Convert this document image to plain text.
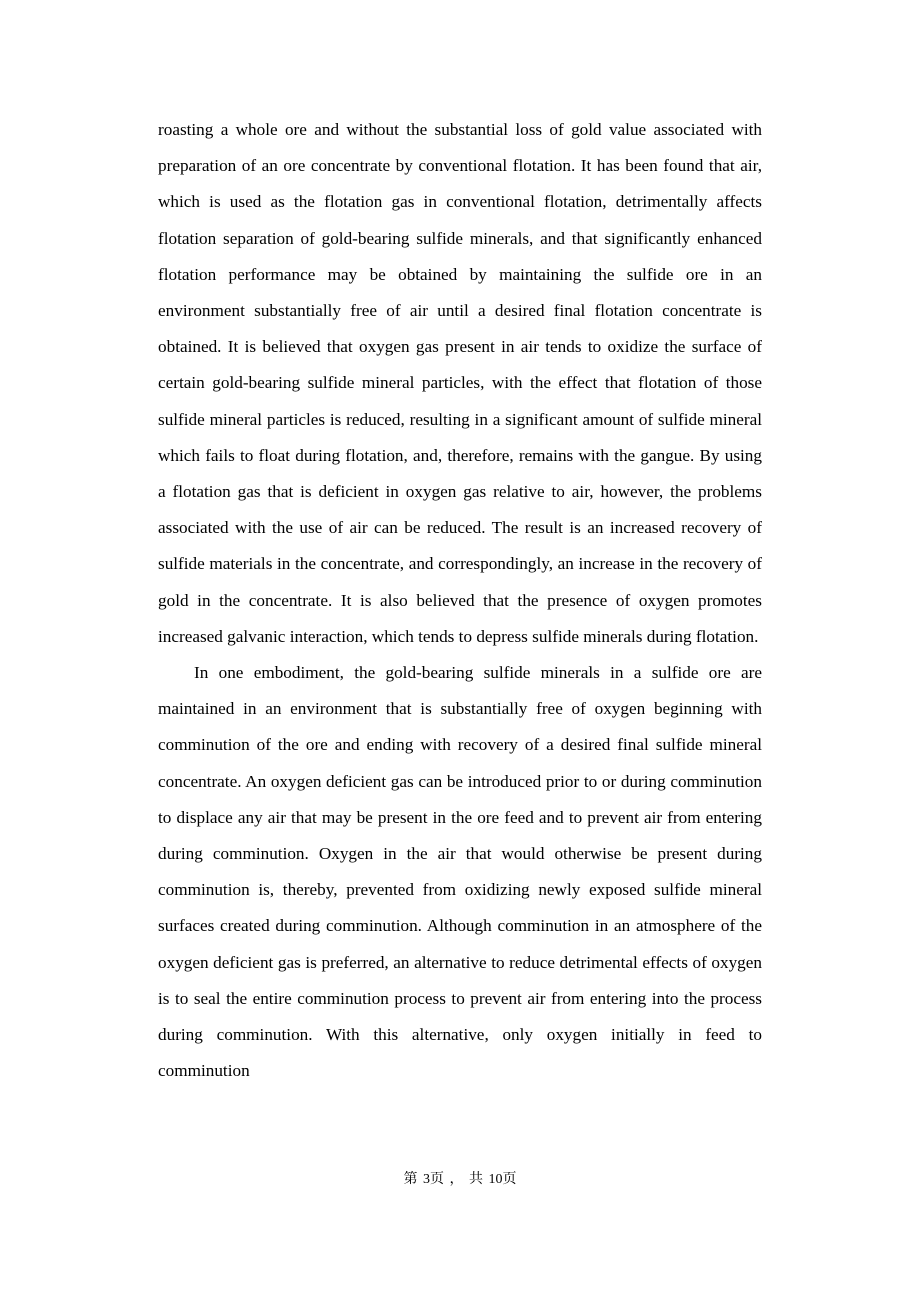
roasting a whole ore and without the substantial loss of gold value associated with preparation of an ore concentrate by conventional flotation. It has been found that air, which is used as the flotation gas in conventional flotation, detrimentally affects flotation separation of gold-bearing sulfide minerals, and that significantly enhanced flotation performance may be obtained by maintaining the sulfide ore in an environment substantially free of air until a desired final flotation concentrate is obtained. It is believed that oxygen gas present in air tends to oxidize the surface of certain gold-bearing sulfide mineral particles, with the effect that flotation of those sulfide mineral particles is reduced, resulting in a significant amount of sulfide mineral which fails to float during flotation, and, therefore, remains with the gangue. By using a flotation gas that is deficient in oxygen gas relative to air, however, the problems associated with the use of air can be reduced. The result is an increased recovery of sulfide materials in the concentrate, and correspondingly, an increase in the recovery of gold in the concentrate. It is also believed that the presence of oxygen promotes increased galvanic interaction, which tends to depress sulfide minerals during flotation.

In one embodiment, the gold-bearing sulfide minerals in a sulfide ore are maintained in an environment that is substantially free of oxygen beginning with comminution of the ore and ending with recovery of a desired final sulfide mineral concentrate. An oxygen deficient gas can be introduced prior to or during comminution to displace any air that may be present in the ore feed and to prevent air from entering during comminution. Oxygen in the air that would otherwise be present during comminution is, thereby, prevented from oxidizing newly exposed sulfide mineral surfaces created during comminution. Although comminution in an atmosphere of the oxygen deficient gas is preferred, an alternative to reduce detrimental effects of oxygen is to seal the entire comminution process to prevent air from entering into the process during comminution. With this alternative, only oxygen initially in feed to comminution

第 3页 ， 共 10页
